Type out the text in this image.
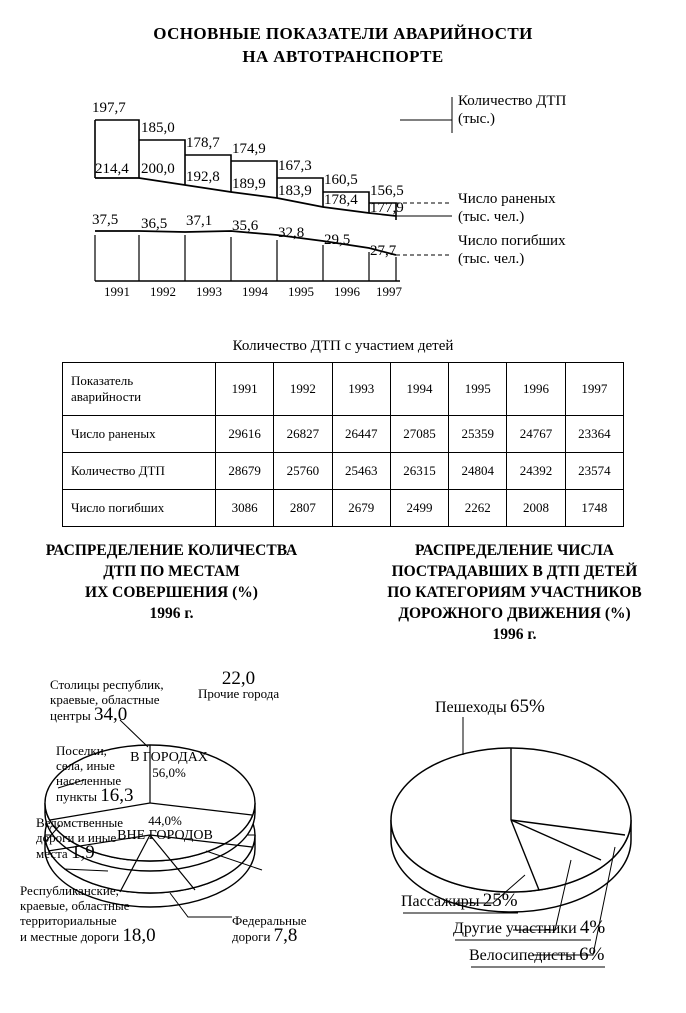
ОСНОВНЫЕ ПОКАЗАТЕЛИ АВАРИЙНОСТИ
НА АВТОТРАНСПОРТЕ
197,7
185,0
178,7 174,9
167,3
160,5
156,5
214,4 200,0 192,8 189,9 183,9
178,4 177,9
37,5 36,5 37,1 35,6 32,8 29,5
27,7
1991	1992	1993	1994	1995	1996	1997
Количество ДТП
(тыс.)
Число раненых
(тыс. чел.)
Число погибших
(тыс. чел.)
Количество ДТП с участием детей
Показатель
аварийности	1991	1992	1993	1994	1995	1996	1997
Число раненых	29616	26827	26447	27085	25359	24767	23364
Количество ДТП	28679	25760	25463	26315	24804	24392	23574
Число погибших	3086	2807	2679	2499	2262	2008	1748
РАСПРЕДЕЛЕНИЕ КОЛИЧЕСТВА
ДТП ПО МЕСТАМ
ИХ СОВЕРШЕНИЯ (%)
1996 г.
РАСПРЕДЕЛЕНИЕ ЧИСЛА
ПОСТРАДАВШИХ В ДТП ДЕТЕЙ
ПО КАТЕГОРИЯМ УЧАСТНИКОВ
ДОРОЖНОГО ДВИЖЕНИЯ (%)
1996 г.
Столицы республик,
краевые, областные
центры 34,0
22,0
Прочие города
Поселки,
села, иные
населенные
пункты 16,3
Ведомственные
дороги и иные
места 1,9
Республиканские,
краевые, областные
территориальные
и местные дороги 18,0
Федеральные
дороги 7,8
В ГОРОДАХ
56,0%
44,0%
ВНЕ ГОРОДОВ
Пешеходы 65%
Пассажиры 25%
Другие участники 4%
Велосипедисты 6%
